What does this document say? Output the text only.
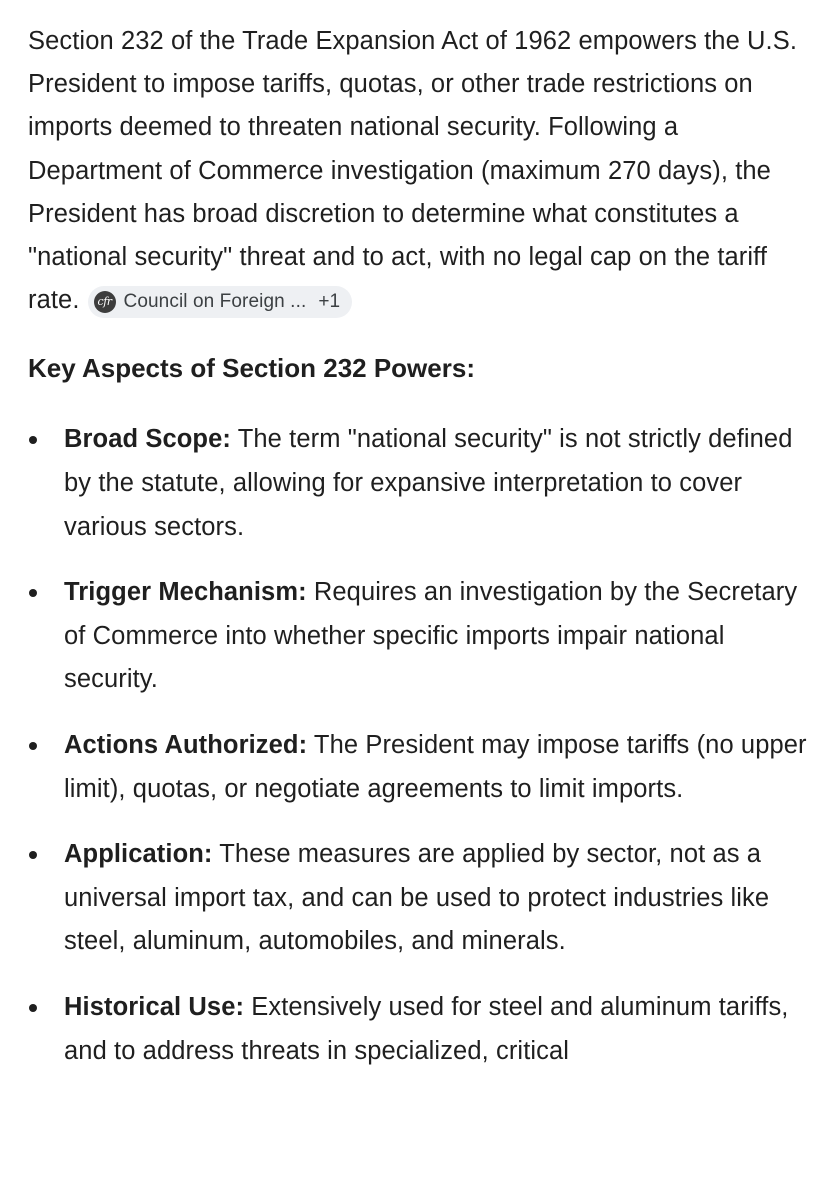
Section 232 of the Trade Expansion Act of 1962 empowers the U.S. President to impose tariffs, quotas, or other trade restrictions on imports deemed to threaten national security. Following a Department of Commerce investigation (maximum 270 days), the President has broad discretion to determine what constitutes a "national security" threat and to act, with no legal cap on the tariff rate.	cfr Council on Foreign ... +1

Key Aspects of Section 232 Powers:
Broad Scope: The term "national security" is not strictly defined by the statute, allowing for expansive interpretation to cover various sectors.
Trigger Mechanism: Requires an investigation by the Secretary of Commerce into whether specific imports impair national security.
Actions Authorized: The President may impose tariffs (no upper limit), quotas, or negotiate agreements to limit imports.
Application: These measures are applied by sector, not as a universal import tax, and can be used to protect industries like steel, aluminum, automobiles, and minerals.
Historical Use: Extensively used for steel and aluminum tariffs, and to address threats in specialized, critical
